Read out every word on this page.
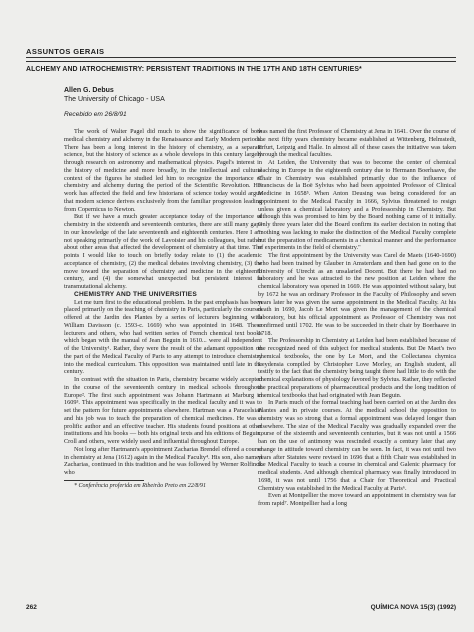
ASSUNTOS GERAIS
ALCHEMY AND IATROCHEMISTRY: PERSISTENT TRADITIONS IN THE 17TH AND 18TH CENTURIES*
Allen G. Debus
The University of Chicago - USA
Recebido em 26/8/91

The work of Walter Pagel did much to show the significance of both medical chemistry and alchemy in the Renaissance and Early Modern periods. There has been a long interest in the history of chemistry, as a separate science, but the history of science as a whole develops in this century largely through research on astronomy and mathematical physics. Pagel's interest in the history of medicine and more broadly, in the intellectual and cultural context of the figures he studied led him to recognize the importance of chemistry and alchemy during the period of the Scientific Revolution. His work has affected the field and few historians of science today would argue that modern science derives exclusively from the familiar progression leading from Copernicus to Newton.

But if we have a much greater acceptance today of the importance of chemistry in the sixteenth and seventeenth centuries, there are still many gaps in our knowledge of the late seventeenth and eighteenth centuries. Here I am not speaking primarily of the work of Lavoisier and his colleagues, but rather about other areas that affected the development of chemistry at that time. The points I would like to touch on briefly today relate to (1) the academic acceptance of chemistry, (2) the medical debates involving chemistry, (3) the move toward the separation of chemistry and medicine in the eighteenth century, and (4) the somewhat unexpected but persistent interest in transmutational alchemy.

CHEMISTRY AND THE UNIVERSITIES

Let me turn first to the educational problem. In the past emphasis has been placed primarily on the teaching of chemistry in Paris, particularly the courses offered at the Jardin des Plantes by a series of lecturers beginning with William Davisson (c. 1593-c. 1669) who was appointed in 1648. These lecturers and others, who had written series of French chemical text books which began with the manual of Jean Beguin in 1610... were all independent of the University¹. Rather, they were the result of the adamant opposition on the part of the Medical Faculty of Paris to any attempt to introduce chemistry into the medical curriculum. This opposition was maintained until late in the century.

In contrast with the situation in Paris, chemistry became widely accepted in the course of the seventeenth century in medical schools throughout Europe². The first such appointment was Johann Hartmann at Marburg in 1609³. This appointment was specifically in the medical faculty and it was to set the pattern for future appointments elsewhere. Hartman was a Paracelsian and his job was to teach the preparation of chemical medicines. He was a prolific author and an effective teacher. His students found positions at other institutions and his books — both his original texts and his editions of Beguin, Croll and others, were widely used and influential throughout Europe.

Not long after Hartmann's appointment Zacharias Brendel offered a course in chemistry at Jena (1612) again in the Medical Faculty⁴. His son, also named Zacharias, continued in this tradition and he was followed by Werner Rolfinck who

* Conferência proferida em Ribeirão Preto em 22/8/91

was named the first Professor of Chemistry at Jena in 1641. Over the course of the next fifty years chemistry became established at Wittenberg, Helmstedt, Erfurt, Leipzig and Halle. In almost all of these cases the initiative was taken through the medical faculties.

At Leiden, the University that was to become the center of chemical teaching in Europe in the eighteenth century due to Hermann Boerhaave, the Chair in Chemistry was established primarily due to the influence of Franciscus de la Boë Sylvius who had been appointed Professor of Clinical Medicine in 1658⁵. When Anton Deusing was being considered for an appointment to the Medical Faculty in 1666, Sylvius threatened to resign unless given a chemical laboratory and a Professorship in Chemistry. But although this was promised to him by the Board nothing came of it initially. Only three years later did the Board confirm its earlier decision in noting that "nothing was lacking to make the distinction of the Medical Faculty complete but the preparation of medicaments in a chemical manner and the performance of experiments in the field of chemistry."

The first appointment by the University was Carel de Maets (1640-1690) who had been trained by Glauber in Amsterdam and then had gone on to the University of Utrecht as an unsalaried Docent. But there he had had no laboratory and he was attracted to the new position at Leiden where the chemical laboratory was opened in 1669. He was appointed without salary, but by 1672 he was an ordinary Professor in the Faculty of Philosophy and seven years later he was given the same appointment in the Medical Faculty. At his death in 1690, Jacob Le Mort was given the management of the chemical laboratory, but his official appointment as Professor of Chemistry was not confirmed until 1702. He was to be succeeded in their chair by Boerhaave in 1718.

The Professorship in Chemistry at Leiden had been established because of the recognized need of this subject for medical students. But De Maet's two chemical textbooks, the one by Le Mort, and the Collectanea chymica Leydensia compiled by Christopher Love Morley, an English student, all testify to the fact that the chemistry being taught there had little to do with the chemical explanations of physiology favored by Sylvius. Rather, they reflected the practical preparations of pharmaceutical products and the long tradition of chemical textbooks that had originated with Jean Beguin.

In Paris much of the formal teaching had been carried on at the Jardin des Plantes and in private courses. At the medical school the opposition to chemistry was so strong that a formal appointment was delayed longer than elsewhere. The size of the Medical Faculty was gradually expanded over the course of the sixteenth and seventeenth centuries, but it was not until a 1566 ban on the use of antimony was rescinded exactly a century later that any change in attitude toward chemistry can be seen. In fact, it was not until two years after Statutes were revised in 1696 that a fifth Chair was established in the Medical Faculty to teach a course in chemical and Galenic pharmacy for medical students. And although chemical pharmacy was finally introduced in 1698, it was not until 1756 that a Chair for Theoretical and Practical Chemistry was established in the Medical Faculty at Paris⁶.

Even at Montpellier the move toward an appointment in chemistry was far from rapid⁷. Montpellier had a long

262	QUÍMICA NOVA 15(3) (1992)
